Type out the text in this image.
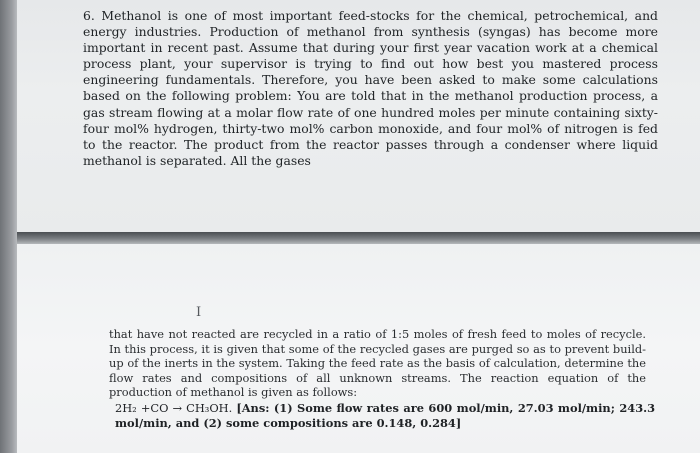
6. Methanol is one of most important feed-stocks for the chemical, petrochemical, and energy industries. Production of methanol from synthesis (syngas) has become more important in recent past. Assume that during your first year vacation work at a chemical process plant, your supervisor is trying to find out how best you mastered process engineering fundamentals. Therefore, you have been asked to make some calculations based on the following problem: You are told that in the methanol production process, a gas stream flowing at a molar flow rate of one hundred moles per minute containing sixty-four mol% hydrogen, thirty-two mol% carbon monoxide, and four mol% of nitrogen is fed to the reactor. The product from the reactor passes through a condenser where liquid methanol is separated. All the gases

I

that have not reacted are recycled in a ratio of 1:5 moles of fresh feed to moles of recycle. In this process, it is given that some of the recycled gases are purged so as to prevent build-up of the inerts in the system. Taking the feed rate as the basis of calculation, determine the flow rates and compositions of all unknown streams. The reaction equation of the production of methanol is given as follows:

2H₂ +CO → CH₃OH. [Ans: (1) Some flow rates are 600 mol/min, 27.03 mol/min; 243.3 mol/min, and (2) some compositions are 0.148, 0.284]
